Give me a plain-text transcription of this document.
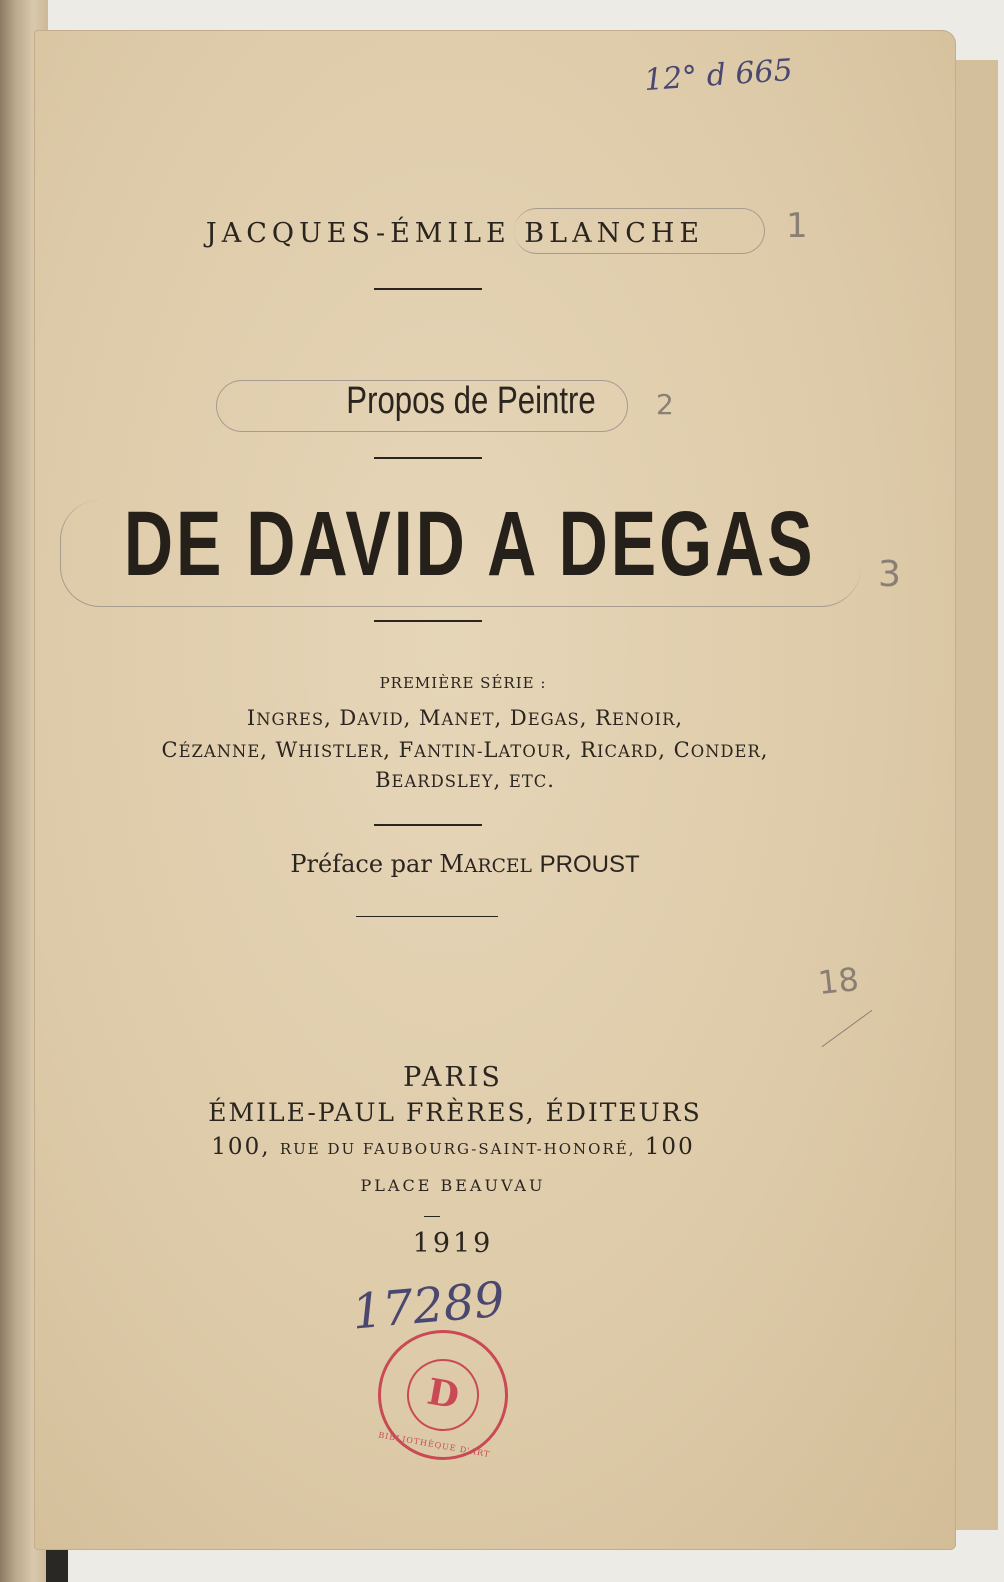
12° d 665
JACQUES-ÉMILE BLANCHE	1
Propos de Peintre	2
DE DAVID A DEGAS 3
PREMIÈRE SÉRIE :
INGRES, DAVID, MANET, DEGAS, RENOIR,
CÉZANNE, WHISTLER, FANTIN-LATOUR, RICARD, CONDER,
BEARDSLEY, ETC.
Préface par MARCEL PROUST
18
PARIS
ÉMILE-PAUL FRÈRES, ÉDITEURS
100, RUE DU FAUBOURG-SAINT-HONORÉ, 100
PLACE BEAUVAU
1919
17289
D
BIBLIOTHÈQUE D'ART
